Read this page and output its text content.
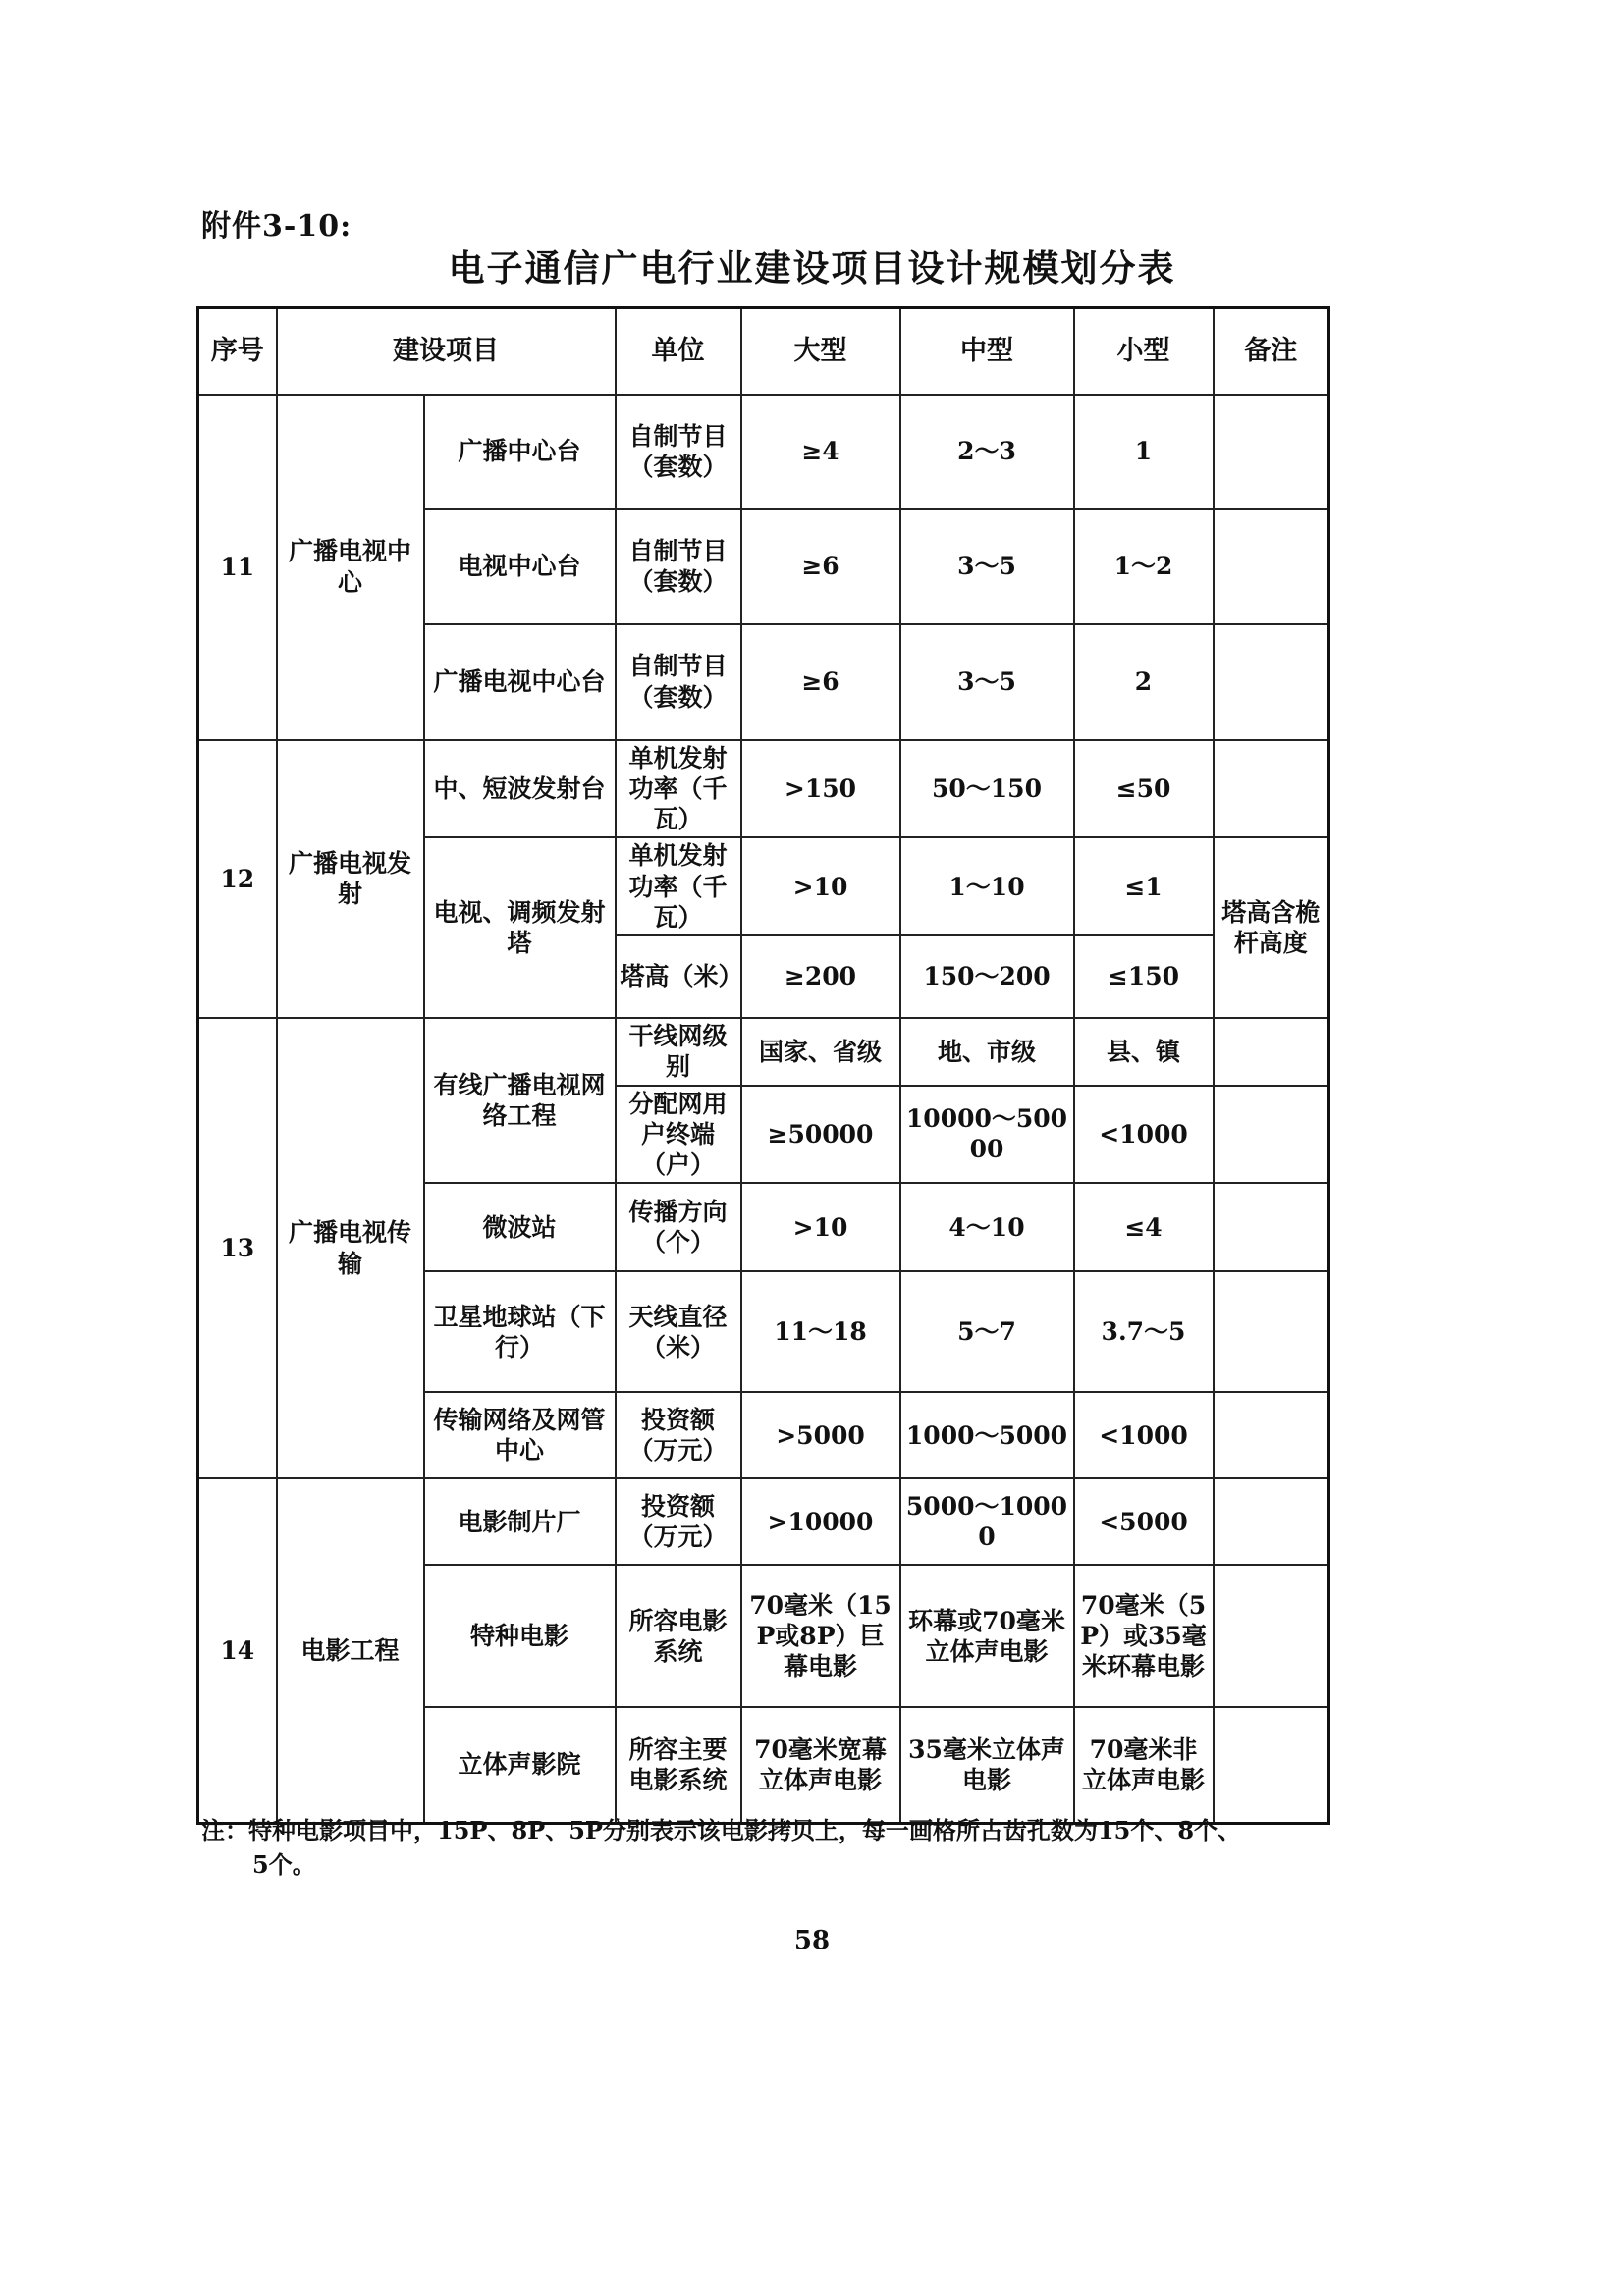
附件3-10:
电子通信广电行业建设项目设计规模划分表
序号	建设项目		单位	大型	中型	小型	备注
11	广播电视中心	广播中心台	自制节目（套数）	≥4	2～3	1	
		电视中心台	自制节目（套数）	≥6	3～5	1～2	
		广播电视中心台	自制节目（套数）	≥6	3～5	2	
12	广播电视发射	中、短波发射台	单机发射功率（千瓦）	>150	50～150	≤50	
		电视、调频发射塔	单机发射功率（千瓦）	>10	1～10	≤1	塔高含桅杆高度
			塔高（米）	≥200	150～200	≤150	
13	广播电视传输	有线广播电视网络工程	干线网级别	国家、省级	地、市级	县、镇	
			分配网用户终端（户）	≥50000	10000～50000	<1000	
		微波站	传播方向（个）	>10	4～10	≤4	
		卫星地球站（下行）	天线直径（米）	11～18	5～7	3.7～5	
		传输网络及网管中心	投资额（万元）	>5000	1000～5000	<1000	
14	电影工程	电影制片厂	投资额（万元）	>10000	5000～10000	<5000	
		特种电影	所容电影系统	70毫米（15P或8P）巨幕电影	环幕或70毫米立体声电影	70毫米（5P）或35毫米环幕电影	
		立体声影院	所容主要电影系统	70毫米宽幕立体声电影	35毫米立体声电影	70毫米非立体声电影	
注：特种电影项目中，15P、8P、5P分别表示该电影拷贝上，每一画格所占齿孔数为15个、8个、
5个。
58
